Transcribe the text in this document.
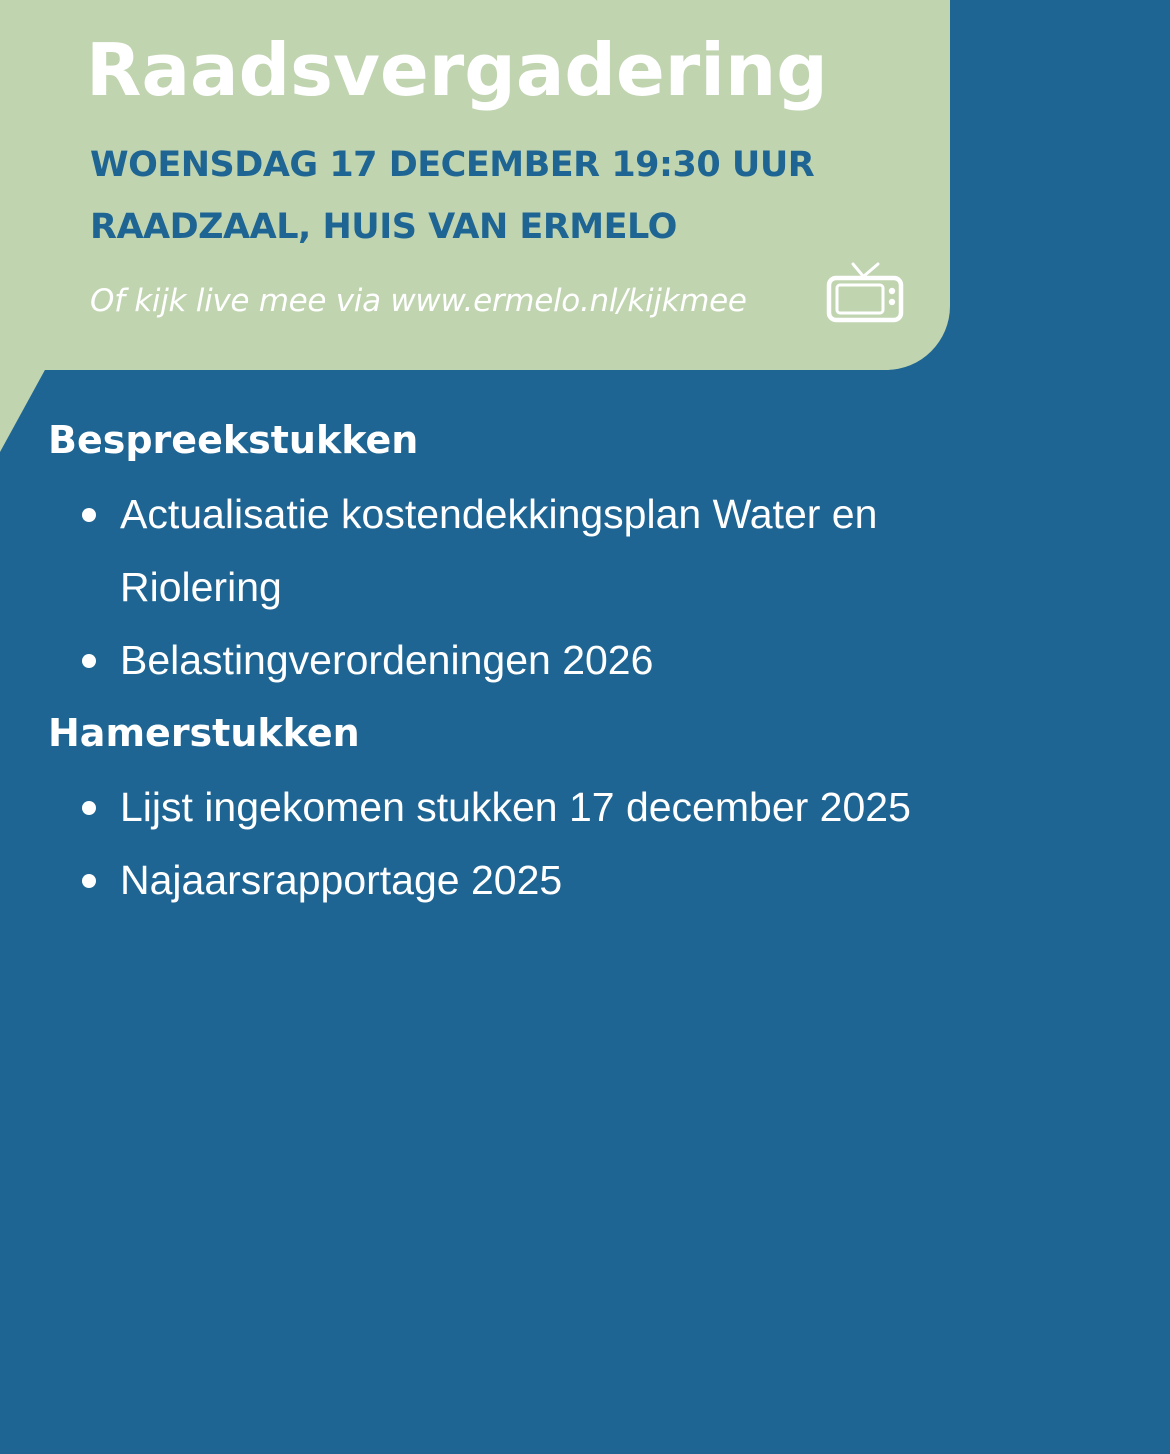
Raadsvergadering

WOENSDAG 17 DECEMBER 19:30 UUR

RAADZAAL, HUIS VAN ERMELO

Of kijk live mee via www.ermelo.nl/kijkmee
Bespreekstukken
Actualisatie kostendekkingsplan Water en Riolering
Belastingverordeningen 2026
Hamerstukken
Lijst ingekomen stukken 17 december 2025
Najaarsrapportage 2025
